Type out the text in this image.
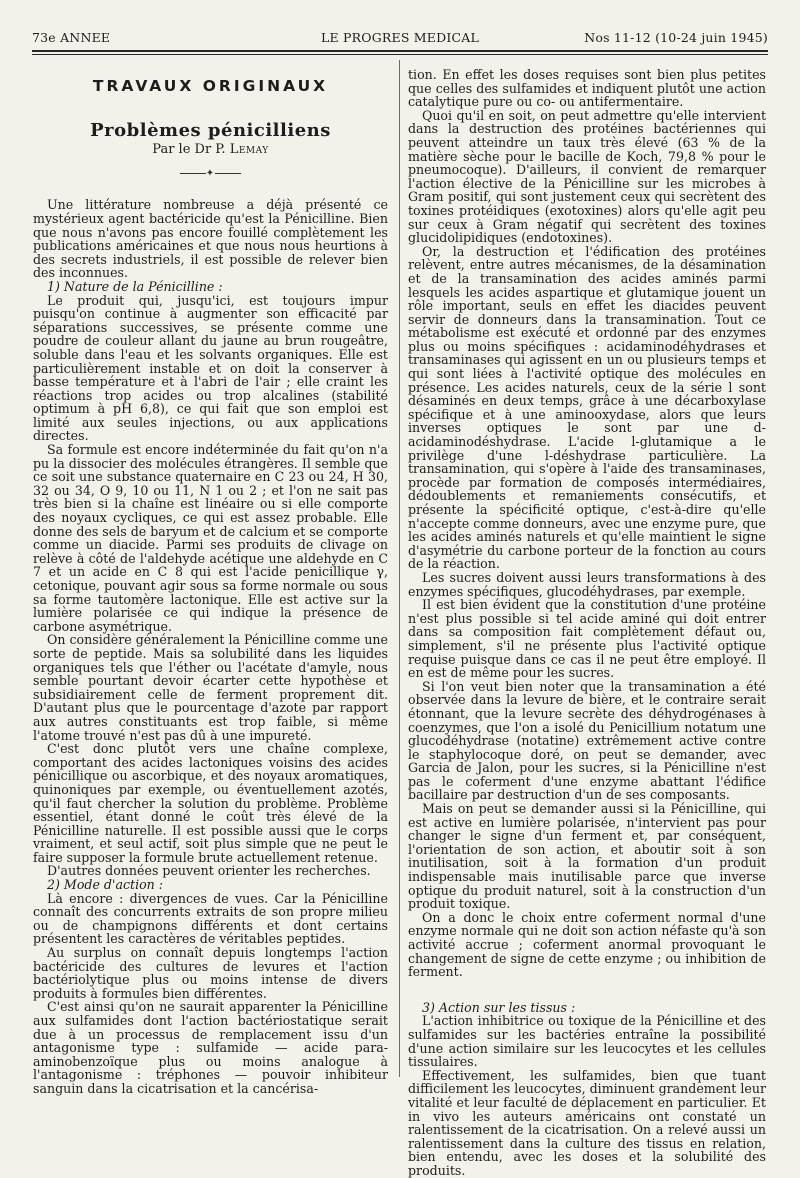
73e ANNEE	LE PROGRES MEDICAL	Nos 11-12 (10-24 juin 1945)
TRAVAUX ORIGINAUX
Problèmes pénicilliens
Par le Dr P. Lemay
✦

Une littérature nombreuse a déjà présenté ce mystérieux agent bactéricide qu'est la Pénicilline. Bien que nous n'avons pas encore fouillé complètement les publications américaines et que nous nous heurtions à des secrets industriels, il est possible de relever bien des inconnues.

1) Nature de la Pénicilline :

Le produit qui, jusqu'ici, est toujours impur puisqu'on continue à augmenter son efficacité par séparations successives, se présente comme une poudre de couleur allant du jaune au brun rougeâtre, soluble dans l'eau et les solvants organiques. Elle est particulièrement instable et on doit la conserver à basse température et à l'abri de l'air ; elle craint les réactions trop acides ou trop alcalines (stabilité optimum à pH 6,8), ce qui fait que son emploi est limité aux seules injections, ou aux applications directes.

Sa formule est encore indéterminée du fait qu'on n'a pu la dissocier des molécules étrangères. Il semble que ce soit une substance quaternaire en C 23 ou 24, H 30, 32 ou 34, O 9, 10 ou 11, N 1 ou 2 ; et l'on ne sait pas très bien si la chaîne est linéaire ou si elle comporte des noyaux cycliques, ce qui est assez probable. Elle donne des sels de baryum et de calcium et se comporte comme un diacide. Parmi ses produits de clivage on relève à côté de l'aldehyde acétique une aldehyde en C 7 et un acide en C 8 qui est l'acide penicillique γ, cetonique, pouvant agir sous sa forme normale ou sous sa forme tautomère lactonique. Elle est active sur la lumière polarisée ce qui indique la présence de carbone asymétrique.

On considère généralement la Pénicilline comme une sorte de peptide. Mais sa solubilité dans les liquides organiques tels que l'éther ou l'acétate d'amyle, nous semble pourtant devoir écarter cette hypothèse et subsidiairement celle de ferment proprement dit. D'autant plus que le pourcentage d'azote par rapport aux autres constituants est trop faible, si même l'atome trouvé n'est pas dû à une impureté.

C'est donc plutôt vers une chaîne complexe, comportant des acides lactoniques voisins des acides pénicillique ou ascorbique, et des noyaux aromatiques, quinoniques par exemple, ou éventuellement azotés, qu'il faut chercher la solution du problème. Problème essentiel, étant donné le coût très élevé de la Pénicilline naturelle. Il est possible aussi que le corps vraiment, et seul actif, soit plus simple que ne peut le faire supposer la formule brute actuellement retenue.

D'autres données peuvent orienter les recherches.

2) Mode d'action :

Là encore : divergences de vues. Car la Pénicilline connaît des concurrents extraits de son propre milieu ou de champignons différents et dont certains présentent les caractères de véritables peptides.

Au surplus on connaît depuis longtemps l'action bactéricide des cultures de levures et l'action bactériolytique plus ou moins intense de divers produits à formules bien différentes.

C'est ainsi qu'on ne saurait apparenter la Pénicilline aux sulfamides dont l'action bactériostatique serait due à un processus de remplacement issu d'un antagonisme type : sulfamide — acide para-aminobenzoïque plus ou moins analogue à l'antagonisme : tréphones — pouvoir inhibiteur sanguin dans la cicatrisation et la cancérisa-

tion. En effet les doses requises sont bien plus petites que celles des sulfamides et indiquent plutôt une action catalytique pure ou co- ou antifermentaire.

Quoi qu'il en soit, on peut admettre qu'elle intervient dans la destruction des protéines bactériennes qui peuvent atteindre un taux très élevé (63 % de la matière sèche pour le bacille de Koch, 79,8 % pour le pneumocoque). D'ailleurs, il convient de remarquer l'action élective de la Pénicilline sur les microbes à Gram positif, qui sont justement ceux qui secrètent des toxines protéidiques (exotoxines) alors qu'elle agit peu sur ceux à Gram négatif qui secrètent des toxines glucidolipidiques (endotoxines).

Or, la destruction et l'édification des protéines relèvent, entre autres mécanismes, de la désamination et de la transamination des acides aminés parmi lesquels les acides aspartique et glutamique jouent un rôle important, seuls en effet les diacides peuvent servir de donneurs dans la transamination. Tout ce métabolisme est exécuté et ordonné par des enzymes plus ou moins spécifiques : acidaminodéhydrases et transaminases qui agissent en un ou plusieurs temps et qui sont liées à l'activité optique des molécules en présence. Les acides naturels, ceux de la série l sont désaminés en deux temps, grâce à une décarboxylase spécifique et à une aminooxydase, alors que leurs inverses optiques le sont par une d-acidaminodéshydrase. L'acide l-glutamique a le privilège d'une l-déshydrase particulière. La transamination, qui s'opère à l'aide des transaminases, procède par formation de composés intermédiaires, dédoublements et remaniements consécutifs, et présente la spécificité optique, c'est-à-dire qu'elle n'accepte comme donneurs, avec une enzyme pure, que les acides aminés naturels et qu'elle maintient le signe d'asymétrie du carbone porteur de la fonction au cours de la réaction.

Les sucres doivent aussi leurs transformations à des enzymes spécifiques, glucodéhydrases, par exemple.

Il est bien évident que la constitution d'une protéine n'est plus possible si tel acide aminé qui doit entrer dans sa composition fait complètement défaut ou, simplement, s'il ne présente plus l'activité optique requise puisque dans ce cas il ne peut être employé. Il en est de même pour les sucres.

Si l'on veut bien noter que la transamination a été observée dans la levure de bière, et le contraire serait étonnant, que la levure secrète des déhydrogénases à coenzymes, que l'on a isolé du Penicillium notatum une glucodéhydrase (notatine) extrêmement active contre le staphylocoque doré, on peut se demander, avec Garcia de Jalon, pour les sucres, si la Pénicilline n'est pas le coferment d'une enzyme abattant l'édifice bacillaire par destruction d'un de ses composants.

Mais on peut se demander aussi si la Pénicilline, qui est active en lumière polarisée, n'intervient pas pour changer le signe d'un ferment et, par conséquent, l'orientation de son action, et aboutir soit à son inutilisation, soit à la formation d'un produit indispensable mais inutilisable parce que inverse optique du produit naturel, soit à la construction d'un produit toxique.

On a donc le choix entre coferment normal d'une enzyme normale qui ne doit son action néfaste qu'à son activité accrue ; coferment anormal provoquant le changement de signe de cette enzyme ; ou inhibition de ferment.

3) Action sur les tissus :

L'action inhibitrice ou toxique de la Pénicilline et des sulfamides sur les bactéries entraîne la possibilité d'une action similaire sur les leucocytes et les cellules tissulaires.

Effectivement, les sulfamides, bien que tuant difficilement les leucocytes, diminuent grandement leur vitalité et leur faculté de déplacement en particulier. Et in vivo les auteurs américains ont constaté un ralentissement de la cicatrisation. On a relevé aussi un ralentissement dans la culture des tissus en relation, bien entendu, avec les doses et la solubilité des produits.
